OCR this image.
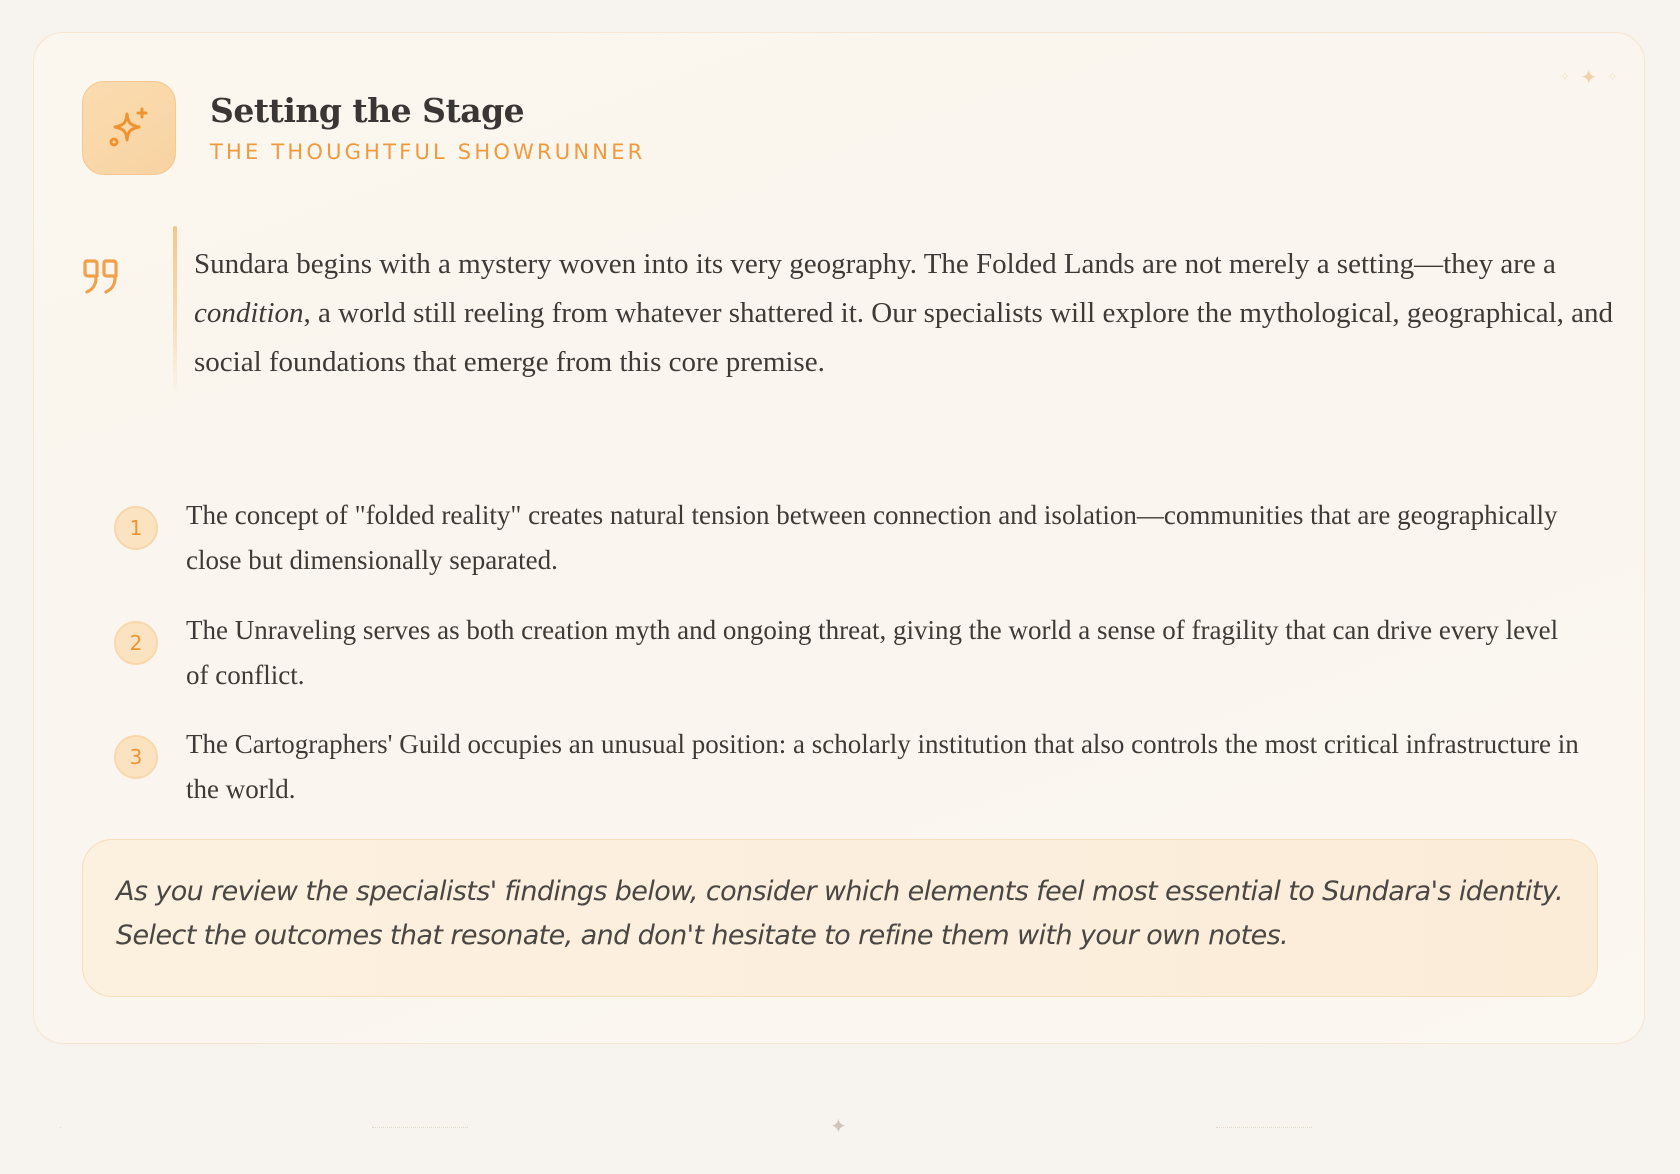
✧ ✦ ✧
Setting the Stage
THE THOUGHTFUL SHOWRUNNER
Sundara begins with a mystery woven into its very geography. The Folded Lands are not merely a setting—they are a condition, a world still reeling from whatever shattered it. Our specialists will explore the mythological, geographical, and social foundations that emerge from this core premise.
1	The concept of "folded reality" creates natural tension between connection and isolation—communities that are geographically close but dimensionally separated.
2	The Unraveling serves as both creation myth and ongoing threat, giving the world a sense of fragility that can drive every level of conflict.
3	The Cartographers' Guild occupies an unusual position: a scholarly institution that also controls the most critical infrastructure in the world.
As you review the specialists' findings below, consider which elements feel most essential to Sundara's identity. Select the outcomes that resonate, and don't hesitate to refine them with your own notes.
✦
